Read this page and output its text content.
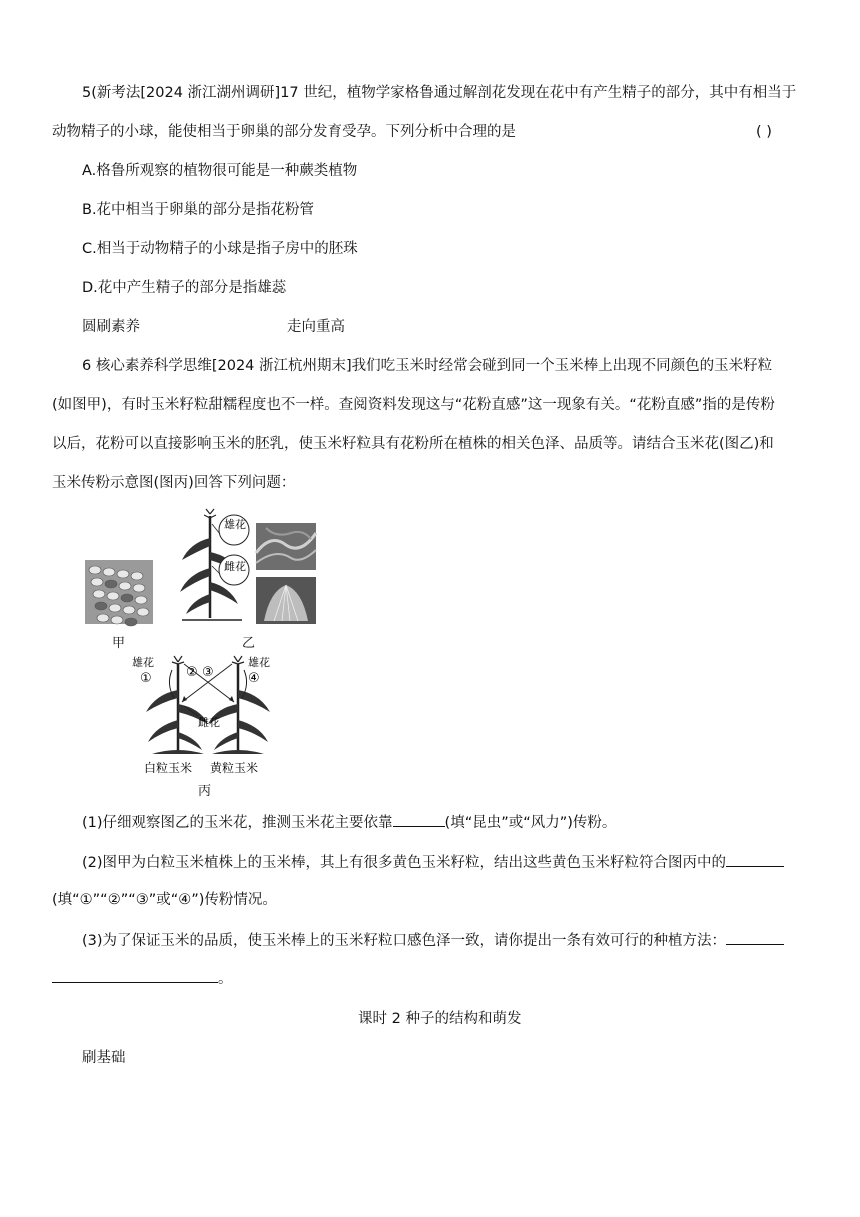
5(新考法[2024 浙江湖州调研]17 世纪，植物学家格鲁通过解剖花发现在花中有产生精子的部分，其中有相当于
动物精子的小球，能使相当于卵巢的部分发育受孕。下列分析中合理的是	( )
A.格鲁所观察的植物很可能是一种蕨类植物
B.花中相当于卵巢的部分是指花粉管
C.相当于动物精子的小球是指子房中的胚珠
D.花中产生精子的部分是指雄蕊
圆刷素养	走向重高
6 核心素养科学思维[2024 浙江杭州期末]我们吃玉米时经常会碰到同一个玉米棒上出现不同颜色的玉米籽粒
(如图甲)，有时玉米籽粒甜糯程度也不一样。查阅资料发现这与“花粉直感”这一现象有关。“花粉直感”指的是传粉
以后，花粉可以直接影响玉米的胚乳，使玉米籽粒具有花粉所在植株的相关色泽、品质等。请结合玉米花(图乙)和
玉米传粉示意图(图丙)回答下列问题：
甲
雄花
雌花
乙
雄花	雄花
①	② ③	④
雌花
白粒玉米 黄粒玉米
丙
(1)仔细观察图乙的玉米花，推测玉米花主要依靠	(填“昆虫”或“风力”)传粉。
(2)图甲为白粒玉米植株上的玉米棒，其上有很多黄色玉米籽粒，结出这些黄色玉米籽粒符合图丙中的
(填“①”“②”“③”或“④”)传粉情况。
(3)为了保证玉米的品质，使玉米棒上的玉米籽粒口感色泽一致，请你提出一条有效可行的种植方法：
。
课时 2 种子的结构和萌发
刷基础
